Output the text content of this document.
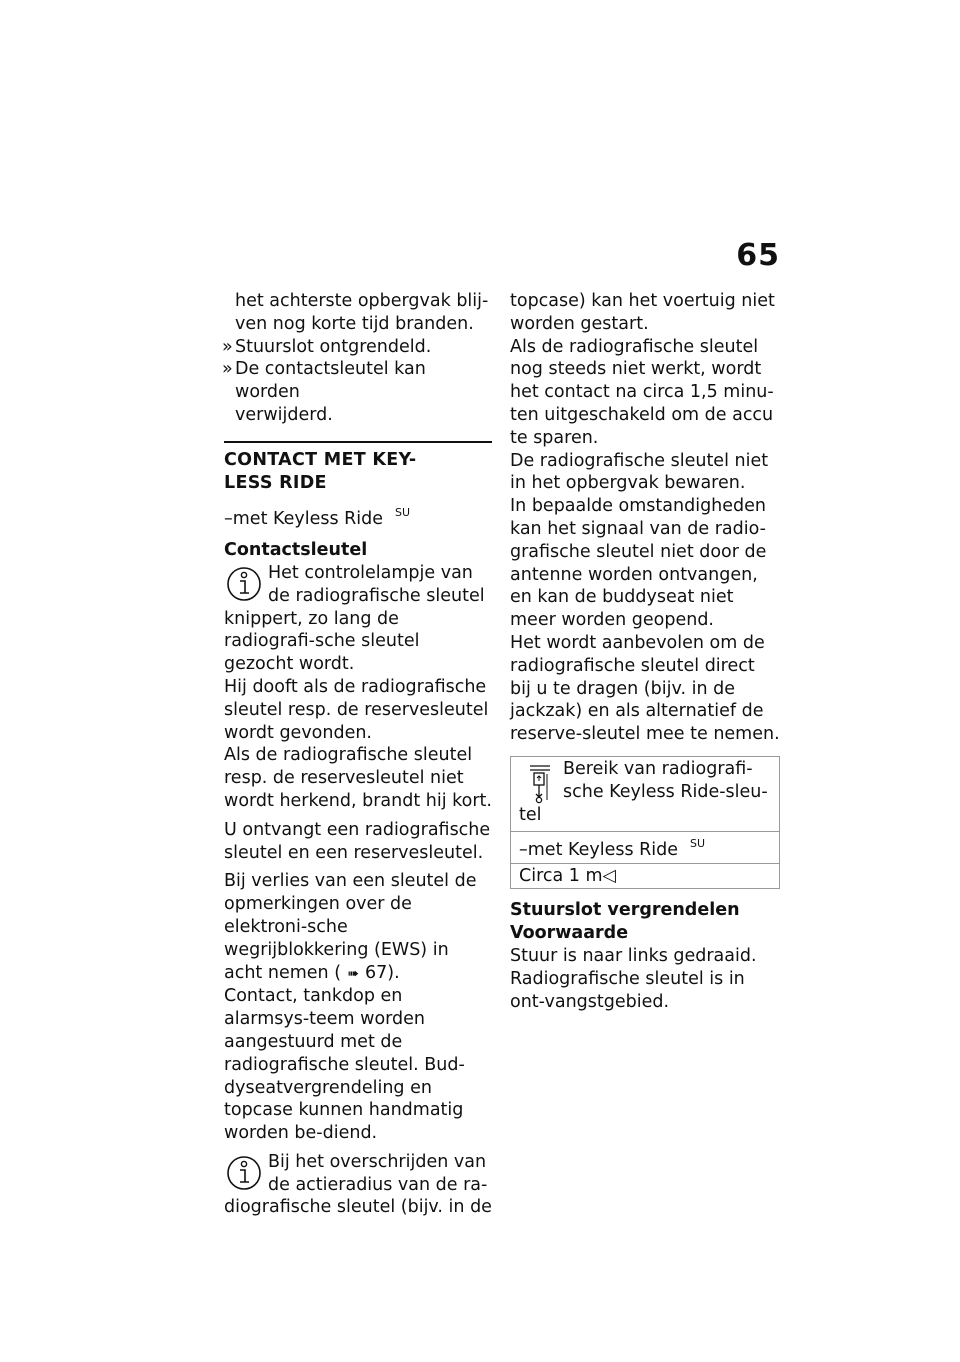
65

het achterste opbergvak blij-

ven nog korte tijd branden.

» Stuurslot ontgrendeld.

» De contactsleutel kan worden

verwijderd.

CONTACT MET KEY-

LESS RIDE

–met Keyless Ride $^{SU}$

Contactsleutel

Het controlelampje van

de radiografische sleutel

knippert, zo lang de radiografi-sche sleutel gezocht wordt.

Hij dooft als de radiografische sleutel resp. de reservesleutel wordt gevonden.

Als de radiografische sleutel resp. de reservesleutel niet wordt herkend, brandt hij kort.

U ontvangt een radiografische sleutel en een reservesleutel.

Bij verlies van een sleutel de opmerkingen over de elektroni-sche wegrijblokkering (EWS) in acht nemen ( ➠ 67).

Contact, tankdop en alarmsys-teem worden aangestuurd met de radiografische sleutel. Bud-dyseatvergrendeling en topcase kunnen handmatig worden be-diend.

Bij het overschrijden van

de actieradius van de ra-

diografische sleutel (bijv. in de

topcase) kan het voertuig niet worden gestart.

Als de radiografische sleutel nog steeds niet werkt, wordt het contact na circa 1,5 minu-ten uitgeschakeld om de accu te sparen.

De radiografische sleutel niet in het opbergvak bewaren.

In bepaalde omstandigheden kan het signaal van de radio-grafische sleutel niet door de antenne worden ontvangen, en kan de buddyseat niet meer worden geopend.

Het wordt aanbevolen om de radiografische sleutel direct bij u te dragen (bijv. in de jackzak) en als alternatief de reserve-sleutel mee te nemen.

Bereik van radiografi-

sche Keyless Ride-sleu-

tel

–met Keyless Ride $^{SU}$
Circa 1 m◁

Stuurslot vergrendelen

Voorwaarde

Stuur is naar links gedraaid.

Radiografische sleutel is in ont-vangstgebied.
